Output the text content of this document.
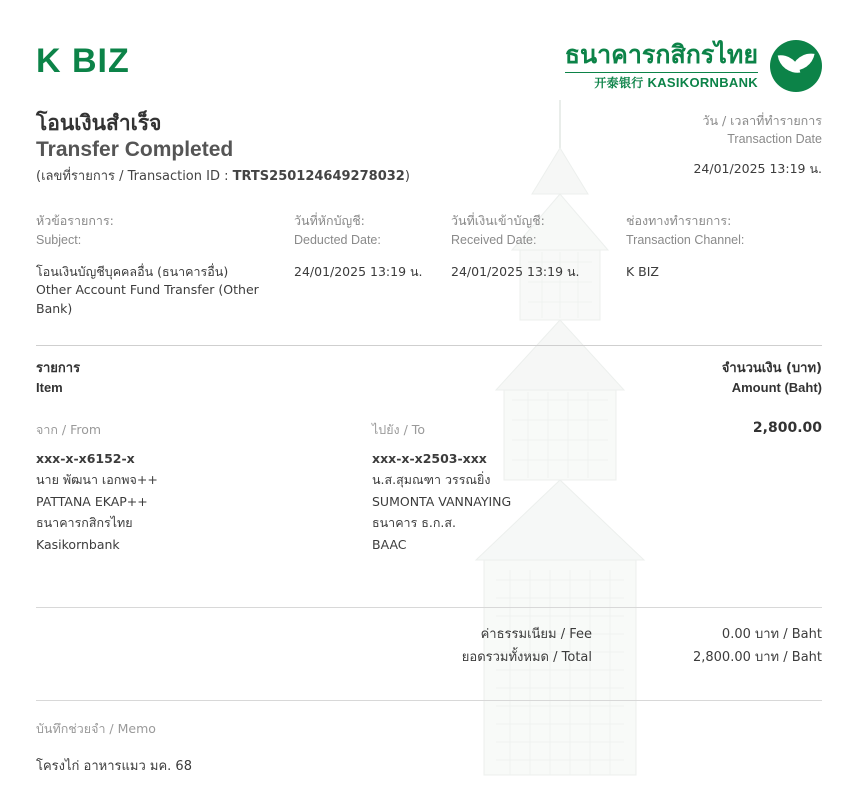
K BIZ	ธนาคารกสิกรไทย
开泰银行 KASIKORNBANK
โอนเงินสำเร็จ
Transfer Completed
(เลขที่รายการ / Transaction ID : TRTS250124649278032)
วัน / เวลาที่ทำรายการ
Transaction Date
24/01/2025 13:19 น.
หัวข้อรายการ:
Subject:
โอนเงินบัญชีบุคคลอื่น (ธนาคารอื่น)
Other Account Fund Transfer (Other Bank)
วันที่หักบัญชี:
Deducted Date:
24/01/2025 13:19 น.
วันที่เงินเข้าบัญชี:
Received Date:
24/01/2025 13:19 น.
ช่องทางทำรายการ:
Transaction Channel:
K BIZ
รายการ
Item
จำนวนเงิน (บาท)
Amount (Baht)
จาก / From
xxx-x-x6152-x
นาย พัฒนา เอกพจ++
PATTANA EKAP++
ธนาคารกสิกรไทย
Kasikornbank
ไปยัง / To
xxx-x-x2503-xxx
น.ส.สุมณฑา วรรณยิ่ง
SUMONTA VANNAYING
ธนาคาร ธ.ก.ส.
BAAC
2,800.00
ค่าธรรมเนียม / Fee	0.00 บาท / Baht
ยอดรวมทั้งหมด / Total	2,800.00 บาท / Baht
บันทึกช่วยจำ / Memo
โครงไก่ อาหารแมว มค. 68
